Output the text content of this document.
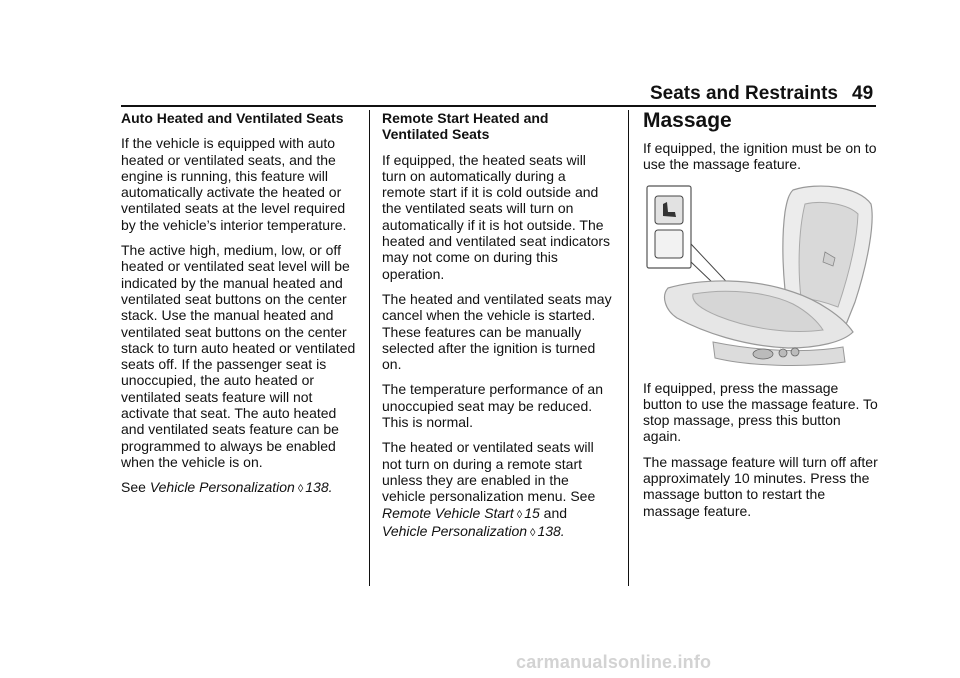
Seats and Restraints 49
Auto Heated and Ventilated Seats

If the vehicle is equipped with auto heated or ventilated seats, and the engine is running, this feature will automatically activate the heated or ventilated seats at the level required by the vehicle’s interior temperature.

The active high, medium, low, or off heated or ventilated seat level will be indicated by the manual heated and ventilated seat buttons on the center stack. Use the manual heated and ventilated seat buttons on the center stack to turn auto heated or ventilated seats off. If the passenger seat is unoccupied, the auto heated or ventilated seats feature will not activate that seat. The auto heated and ventilated seats feature can be programmed to always be enabled when the vehicle is on.

See Vehicle Personalization ◊ 138.

Remote Start Heated and Ventilated Seats

If equipped, the heated seats will turn on automatically during a remote start if it is cold outside and the ventilated seats will turn on automatically if it is hot outside. The heated and ventilated seat indicators may not come on during this operation.

The heated and ventilated seats may cancel when the vehicle is started. These features can be manually selected after the ignition is turned on.

The temperature performance of an unoccupied seat may be reduced. This is normal.

The heated or ventilated seats will not turn on during a remote start unless they are enabled in the vehicle personalization menu. See Remote Vehicle Start ◊ 15 and Vehicle Personalization ◊ 138.

Massage

If equipped, the ignition must be on to use the massage feature.

If equipped, press the massage button to use the massage feature. To stop massage, press this button again.

The massage feature will turn off after approximately 10 minutes. Press the massage button to restart the massage feature.

carmanualsonline.info
